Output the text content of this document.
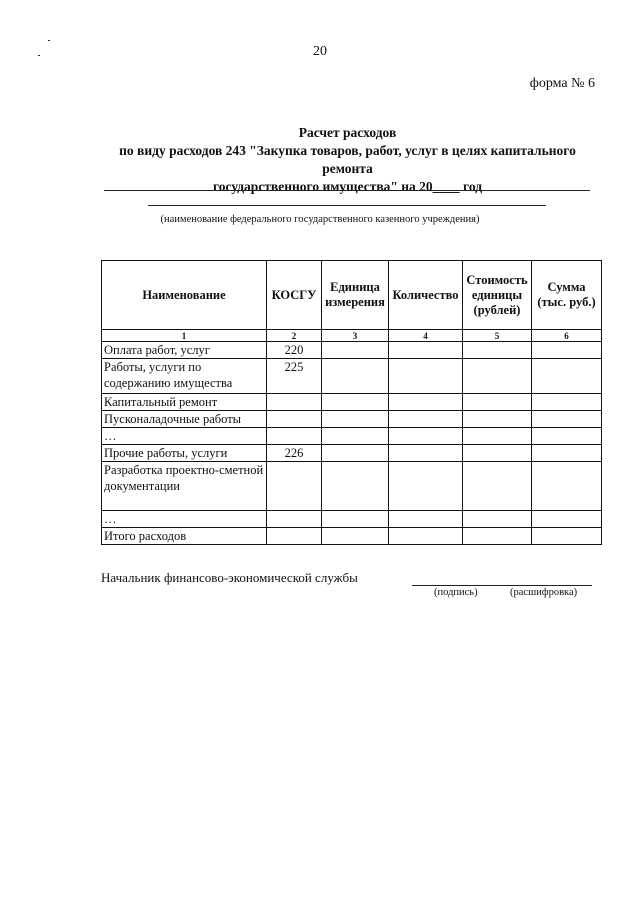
20
форма № 6
Расчет расходов
по виду расходов 243 "Закупка товаров, работ, услуг в целях капитального ремонта
государственного имущества" на 20____ год
(наименование федерального государственного казенного учреждения)
Наименование	КОСГУ	Единица измерения	Количество	Стоимость единицы (рублей)	Сумма (тыс. руб.)
1	2	3	4	5	6
Оплата работ, услуг	220				
Работы, услуги по содержанию имущества	225				
Капитальный ремонт					
Пусконаладочные работы					
…					
Прочие работы, услуги	226				
Разработка проектно-сметной документации					
…					
Итого расходов					
Начальник финансово-экономической службы
(подпись)	(расшифровка)
